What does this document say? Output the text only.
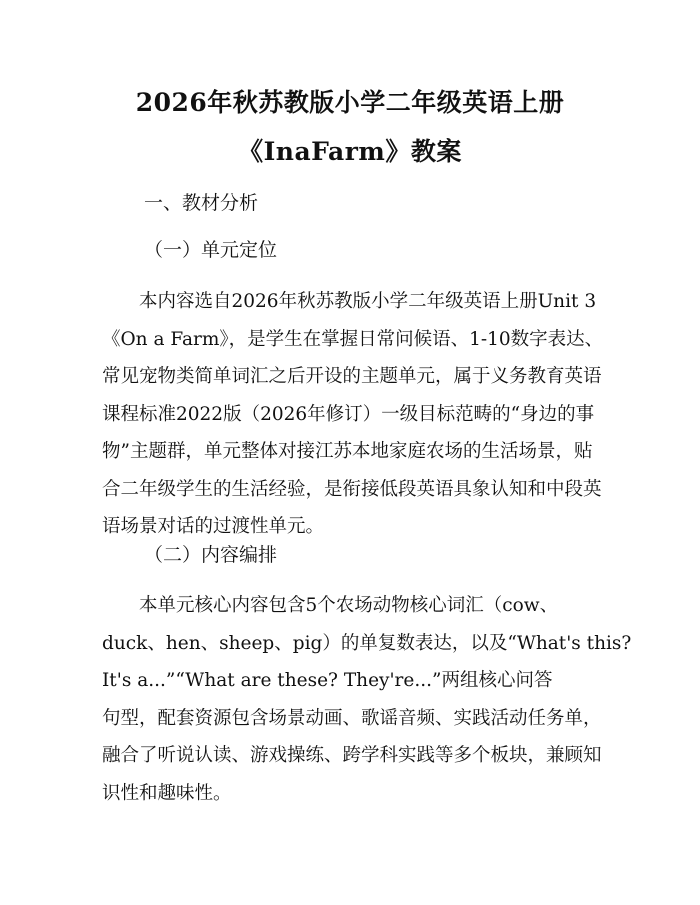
2026年秋苏教版小学二年级英语上册
《InaFarm》教案
一、教材分析
（一）单元定位
　　本内容选自2026年秋苏教版小学二年级英语上册Unit 3
《On a Farm》，是学生在掌握日常问候语、1-10数字表达、
常见宠物类简单词汇之后开设的主题单元，属于义务教育英语
课程标准2022版（2026年修订）一级目标范畴的“身边的事
物”主题群，单元整体对接江苏本地家庭农场的生活场景，贴
合二年级学生的生活经验，是衔接低段英语具象认知和中段英
语场景对话的过渡性单元。
（二）内容编排
　　本单元核心内容包含5个农场动物核心词汇（cow、
duck、hen、sheep、pig）的单复数表达，以及“What's this?
It's a...”“What are these? They're...”两组核心问答
句型，配套资源包含场景动画、歌谣音频、实践活动任务单，
融合了听说认读、游戏操练、跨学科实践等多个板块，兼顾知
识性和趣味性。
